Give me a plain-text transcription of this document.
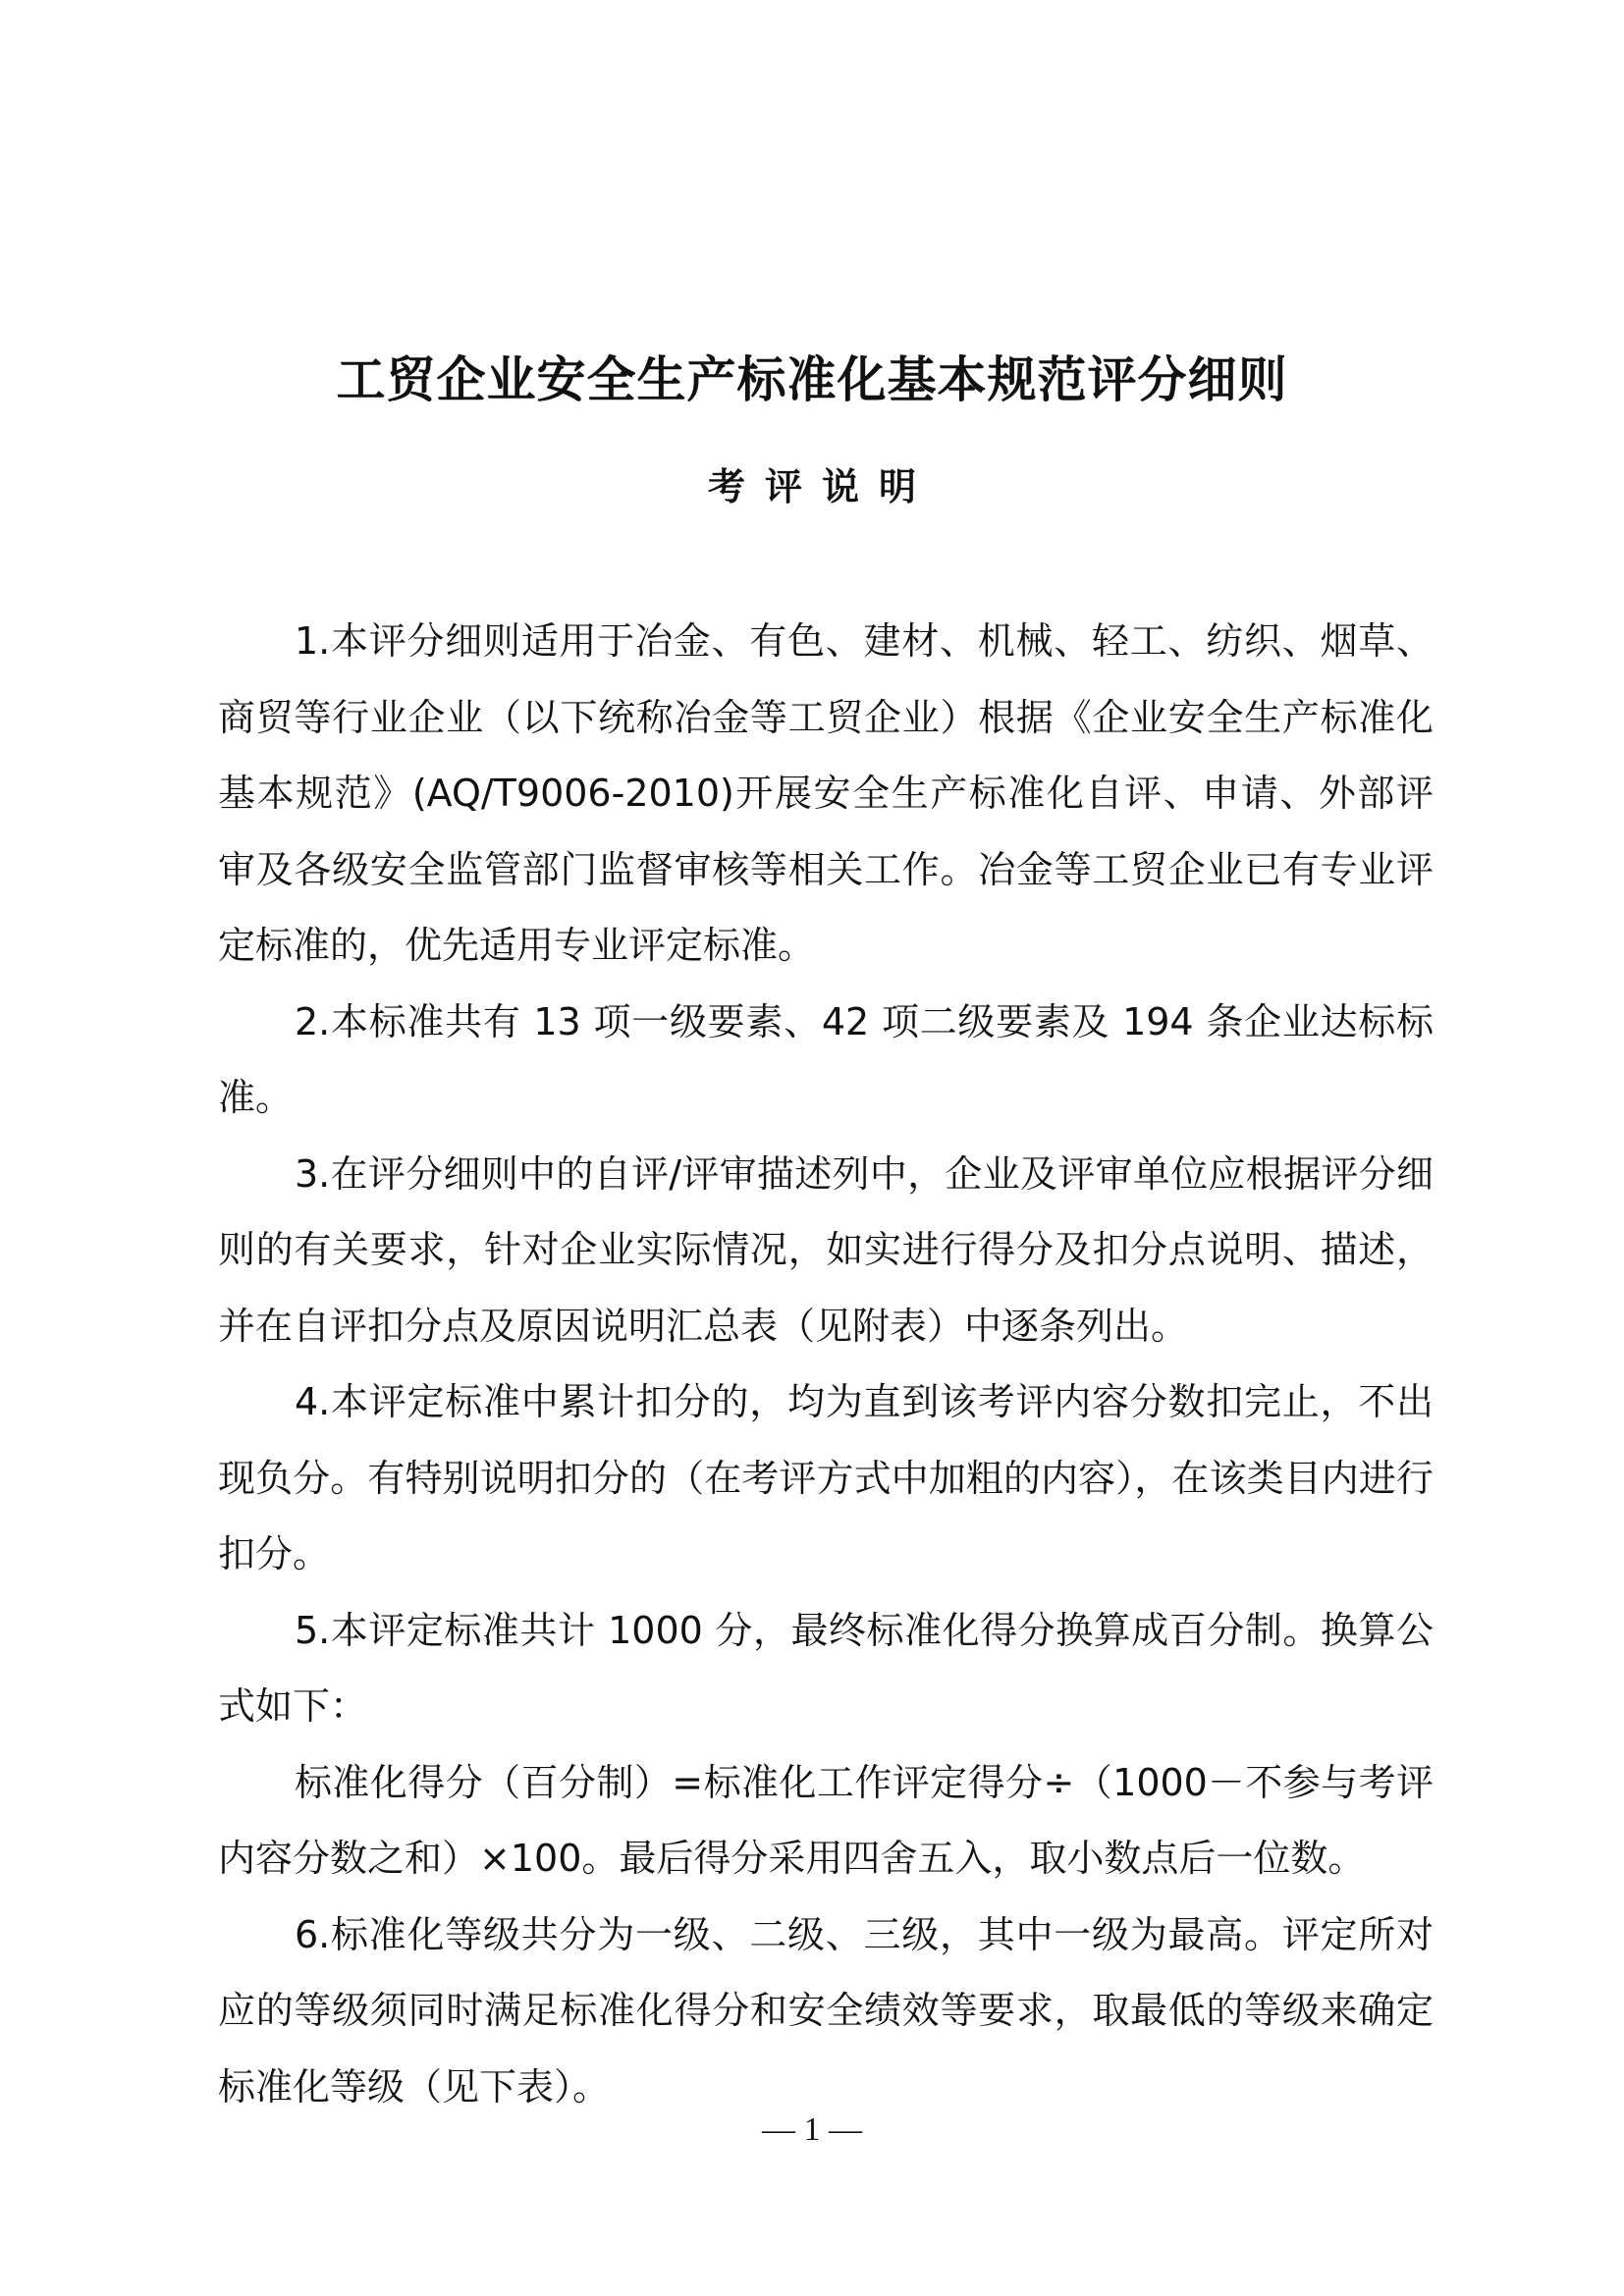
工贸企业安全生产标准化基本规范评分细则
考评说明

1.本评分细则适用于冶金、有色、建材、机械、轻工、纺织、烟草、商贸等行业企业（以下统称冶金等工贸企业）根据《企业安全生产标准化基本规范》(AQ/T9006-2010)开展安全生产标准化自评、申请、外部评审及各级安全监管部门监督审核等相关工作。冶金等工贸企业已有专业评定标准的，优先适用专业评定标准。

2.本标准共有 13 项一级要素、42 项二级要素及 194 条企业达标标准。

3.在评分细则中的自评/评审描述列中，企业及评审单位应根据评分细则的有关要求，针对企业实际情况，如实进行得分及扣分点说明、描述，并在自评扣分点及原因说明汇总表（见附表）中逐条列出。

4.本评定标准中累计扣分的，均为直到该考评内容分数扣完止，不出现负分。有特别说明扣分的（在考评方式中加粗的内容），在该类目内进行扣分。

5.本评定标准共计 1000 分，最终标准化得分换算成百分制。换算公式如下：

标准化得分（百分制）=标准化工作评定得分÷（1000－不参与考评内容分数之和）×100。最后得分采用四舍五入，取小数点后一位数。

6.标准化等级共分为一级、二级、三级，其中一级为最高。评定所对应的等级须同时满足标准化得分和安全绩效等要求，取最低的等级来确定标准化等级（见下表）。

— 1 —
